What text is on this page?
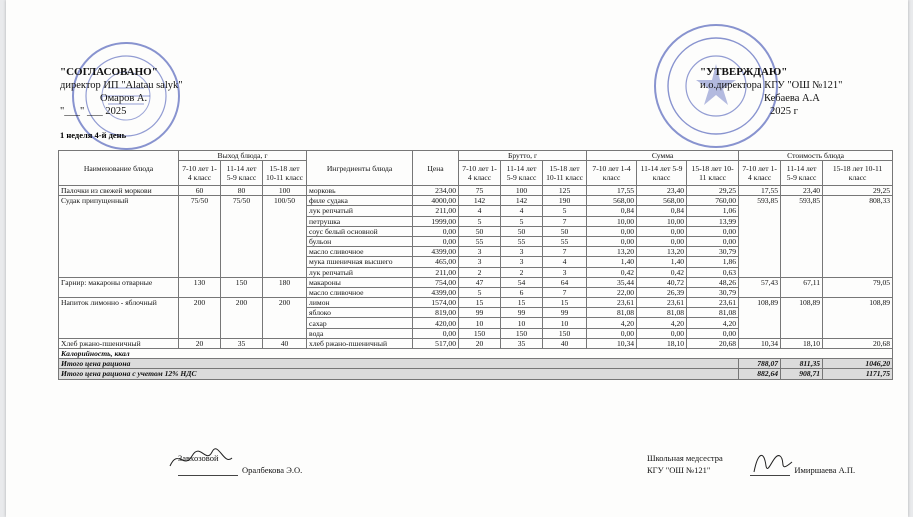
"СОГЛАСОВАНО"
директор ИП "Alatau salyk"
Омаров А.
"___" ___ 2025
"УТВЕРЖДАЮ"
и.о.директора КГУ "ОШ №121"
Кебаева А.А
2025 г
1 неделя 4-й день
Наименование блюда	Выход блюда, г			Ингредиенты блюда	Цена	Брутто, г			Сумма			Стоимость блюда		
	7-10 лет 1-4 класс	11-14 лет 5-9 класс	15-18 лет 10-11 класс			7-10 лет 1-4 класс	11-14 лет 5-9 класс	15-18 лет 10-11 класс	7-10 лет 1-4 класс	11-14 лет 5-9 класс	15-18 лет 10-11 класс	7-10 лет 1-4 класс	11-14 лет 5-9 класс	15-18 лет 10-11 класс
Палочки из свежей моркови	60	80	100	морковь	234,00	75	100	125	17,55	23,40	29,25	17,55	23,40	29,25
Судак припущенный	75/50	75/50	100/50	филе судака	4000,00	142	142	190	568,00	568,00	760,00	593,85	593,85	808,33
				лук репчатый	211,00	4	4	5	0,84	0,84	1,06			
				петрушка	1999,00	5	5	7	10,00	10,00	13,99			
				соус белый основной	0,00	50	50	50	0,00	0,00	0,00			
				бульон	0,00	55	55	55	0,00	0,00	0,00			
				масло сливочное	4399,00	3	3	7	13,20	13,20	30,79			
				мука пшеничная высшего	465,00	3	3	4	1,40	1,40	1,86			
				лук репчатый	211,00	2	2	3	0,42	0,42	0,63			
Гарнир: макароны отварные	130	150	180	макароны	754,00	47	54	64	35,44	40,72	48,26	57,43	67,11	79,05
				масло сливочное	4399,00	5	6	7	22,00	26,39	30,79			
Напиток лимонно - яблочный	200	200	200	лимон	1574,00	15	15	15	23,61	23,61	23,61	108,89	108,89	108,89
				яблоко	819,00	99	99	99	81,08	81,08	81,08			
				сахар	420,00	10	10	10	4,20	4,20	4,20			
				вода	0,00	150	150	150	0,00	0,00	0,00			
Хлеб ржано-пшеничный	20	35	40	хлеб ржано-пшеничный	517,00	20	35	40	10,34	18,10	20,68	10,34	18,10	20,68
Калорийность, ккал														
Итого цена рациона												788,07	811,35	1046,20
Итого цена рациона с учетом 12% НДС												882,64	908,71	1171,75
Завхозовой
Оралбекова Э.О.
Школьная медсестра
КГУ "ОШ №121"	Имиршаева А.П.
